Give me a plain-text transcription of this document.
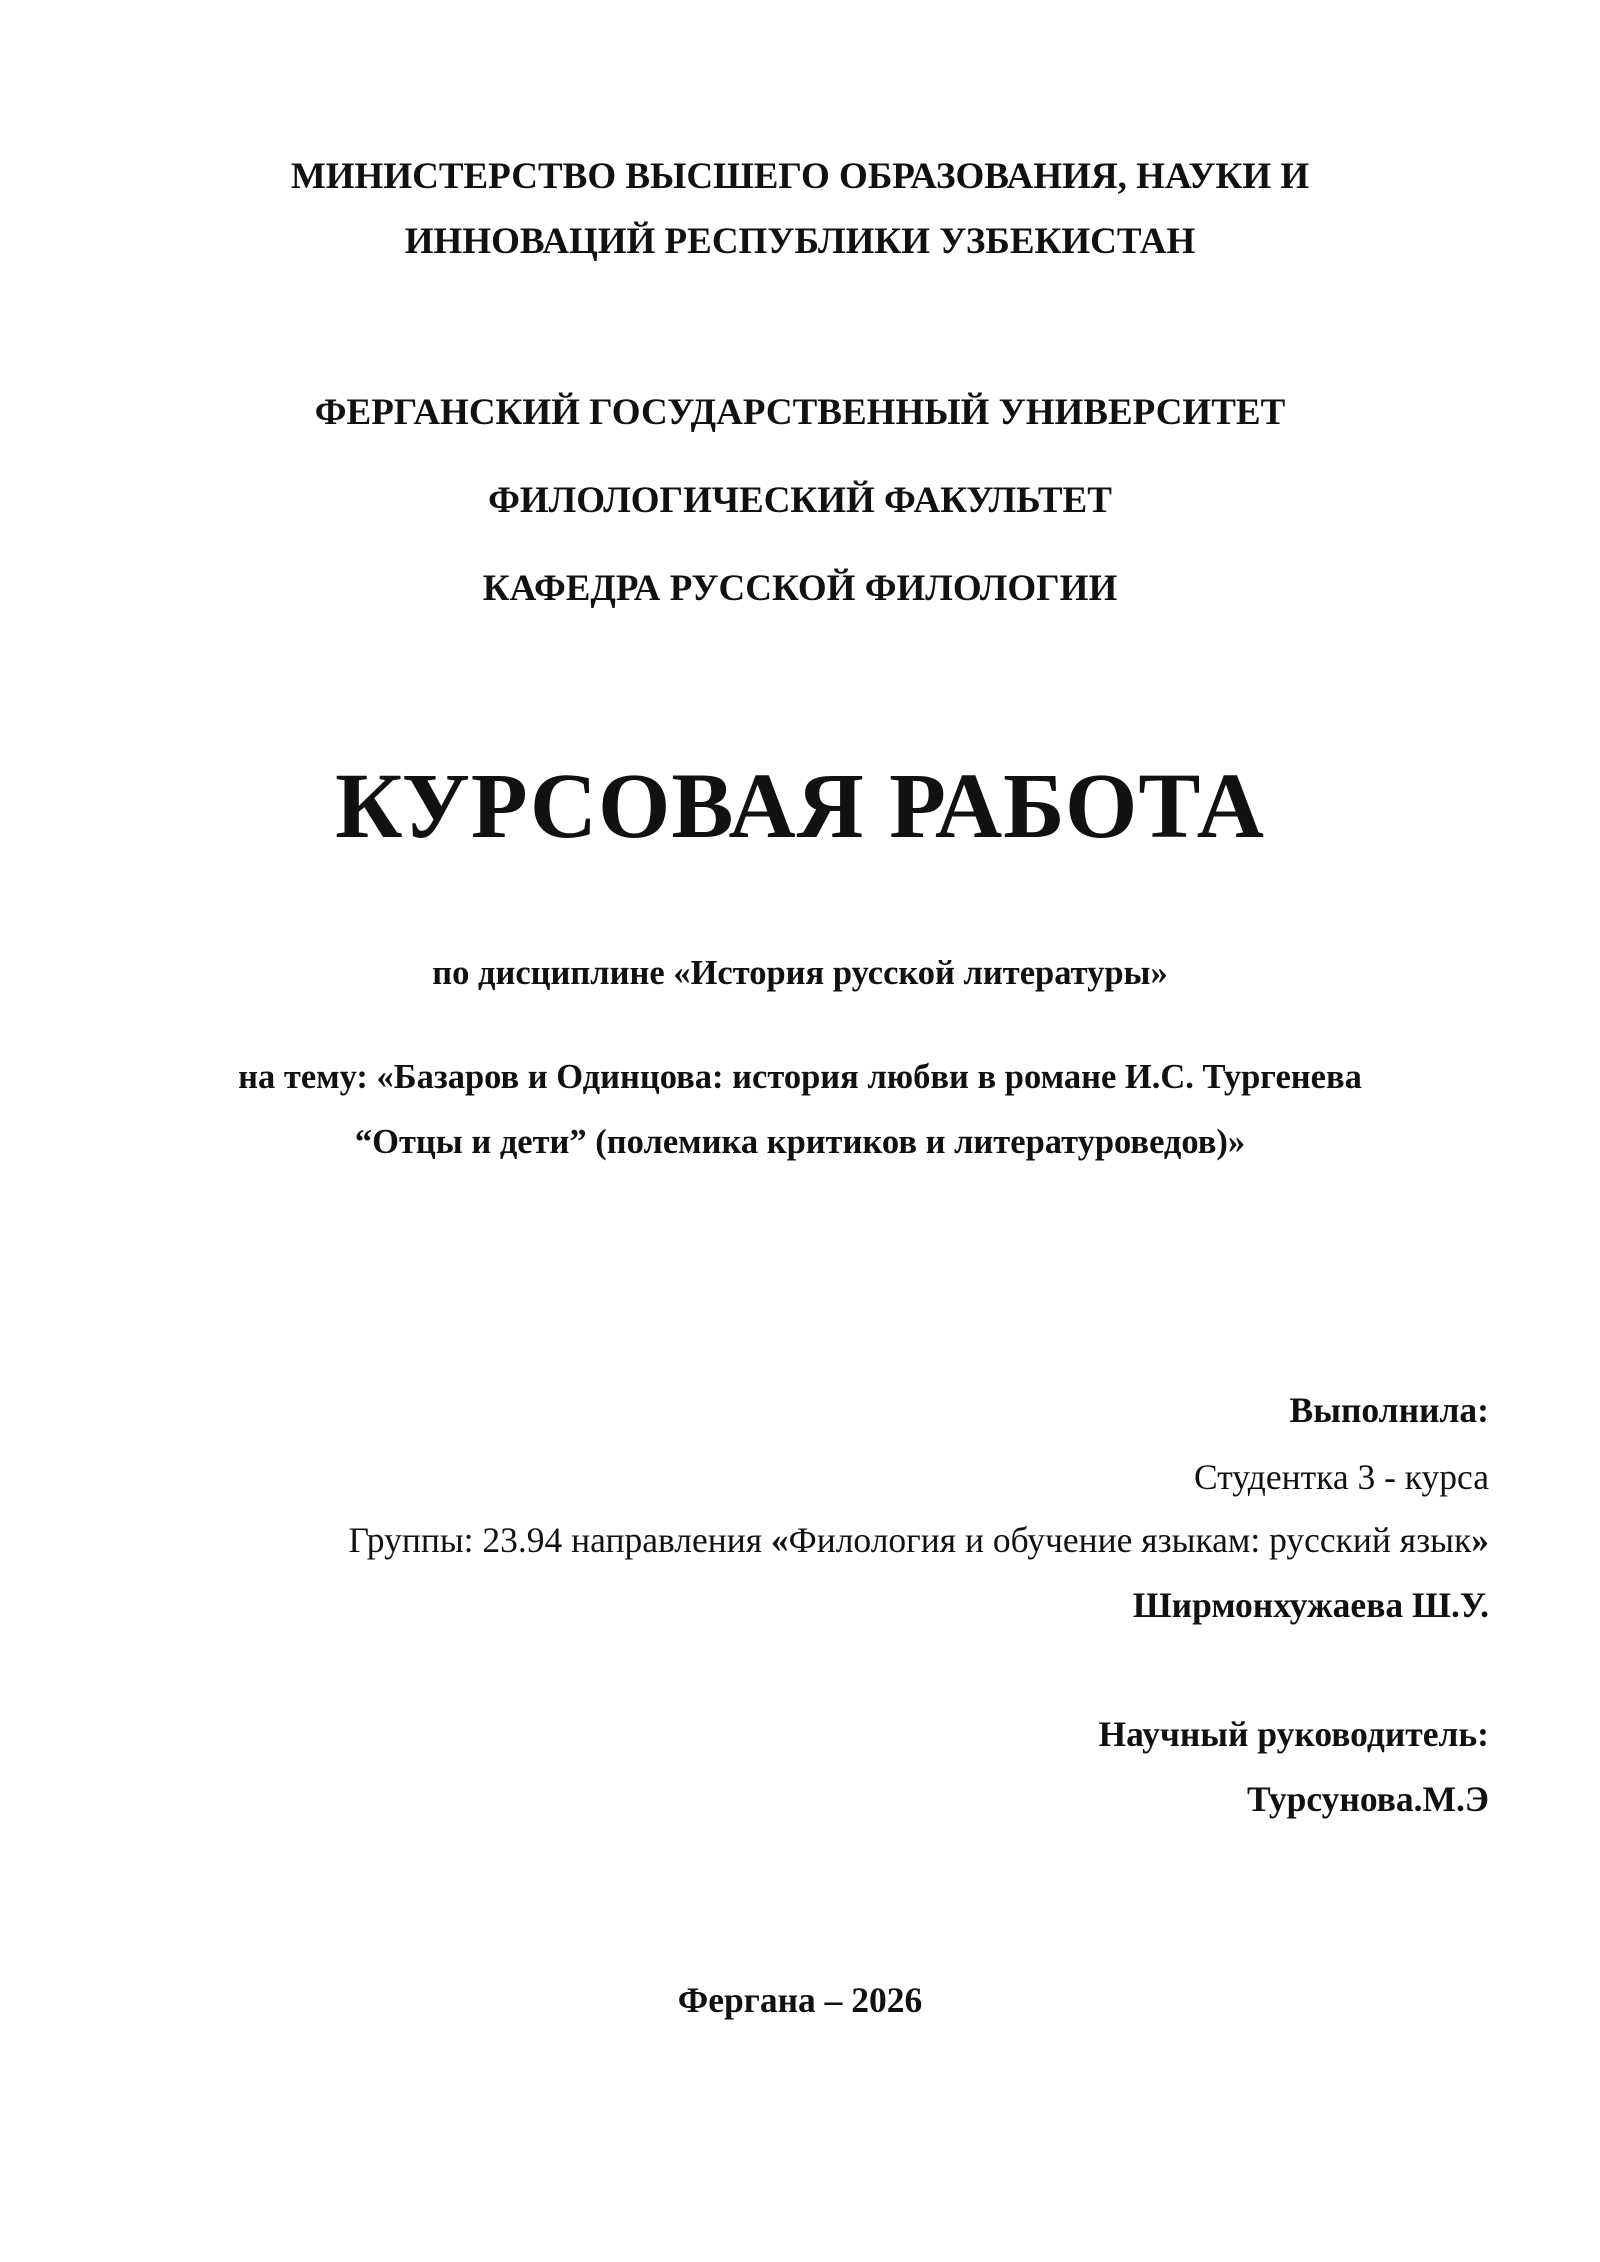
МИНИСТЕРСТВО ВЫСШЕГО ОБРАЗОВАНИЯ, НАУКИ И
ИННОВАЦИЙ РЕСПУБЛИКИ УЗБЕКИСТАН
ФЕРГАНСКИЙ ГОСУДАРСТВЕННЫЙ УНИВЕРСИТЕТ
ФИЛОЛОГИЧЕСКИЙ ФАКУЛЬТЕТ
КАФЕДРА РУССКОЙ ФИЛОЛОГИИ
КУРСОВАЯ РАБОТА
по дисциплине «История русской литературы»
на тему: «Базаров и Одинцова: история любви в романе И.С. Тургенева
“Отцы и дети” (полемика критиков и литературоведов)»
Выполнила:
Студентка 3 - курса
Группы: 23.94 направления «Филология и обучение языкам: русский язык»
Ширмонхужаева Ш.У.
Научный руководитель:
Турсунова.М.Э
Фергана – 2026
